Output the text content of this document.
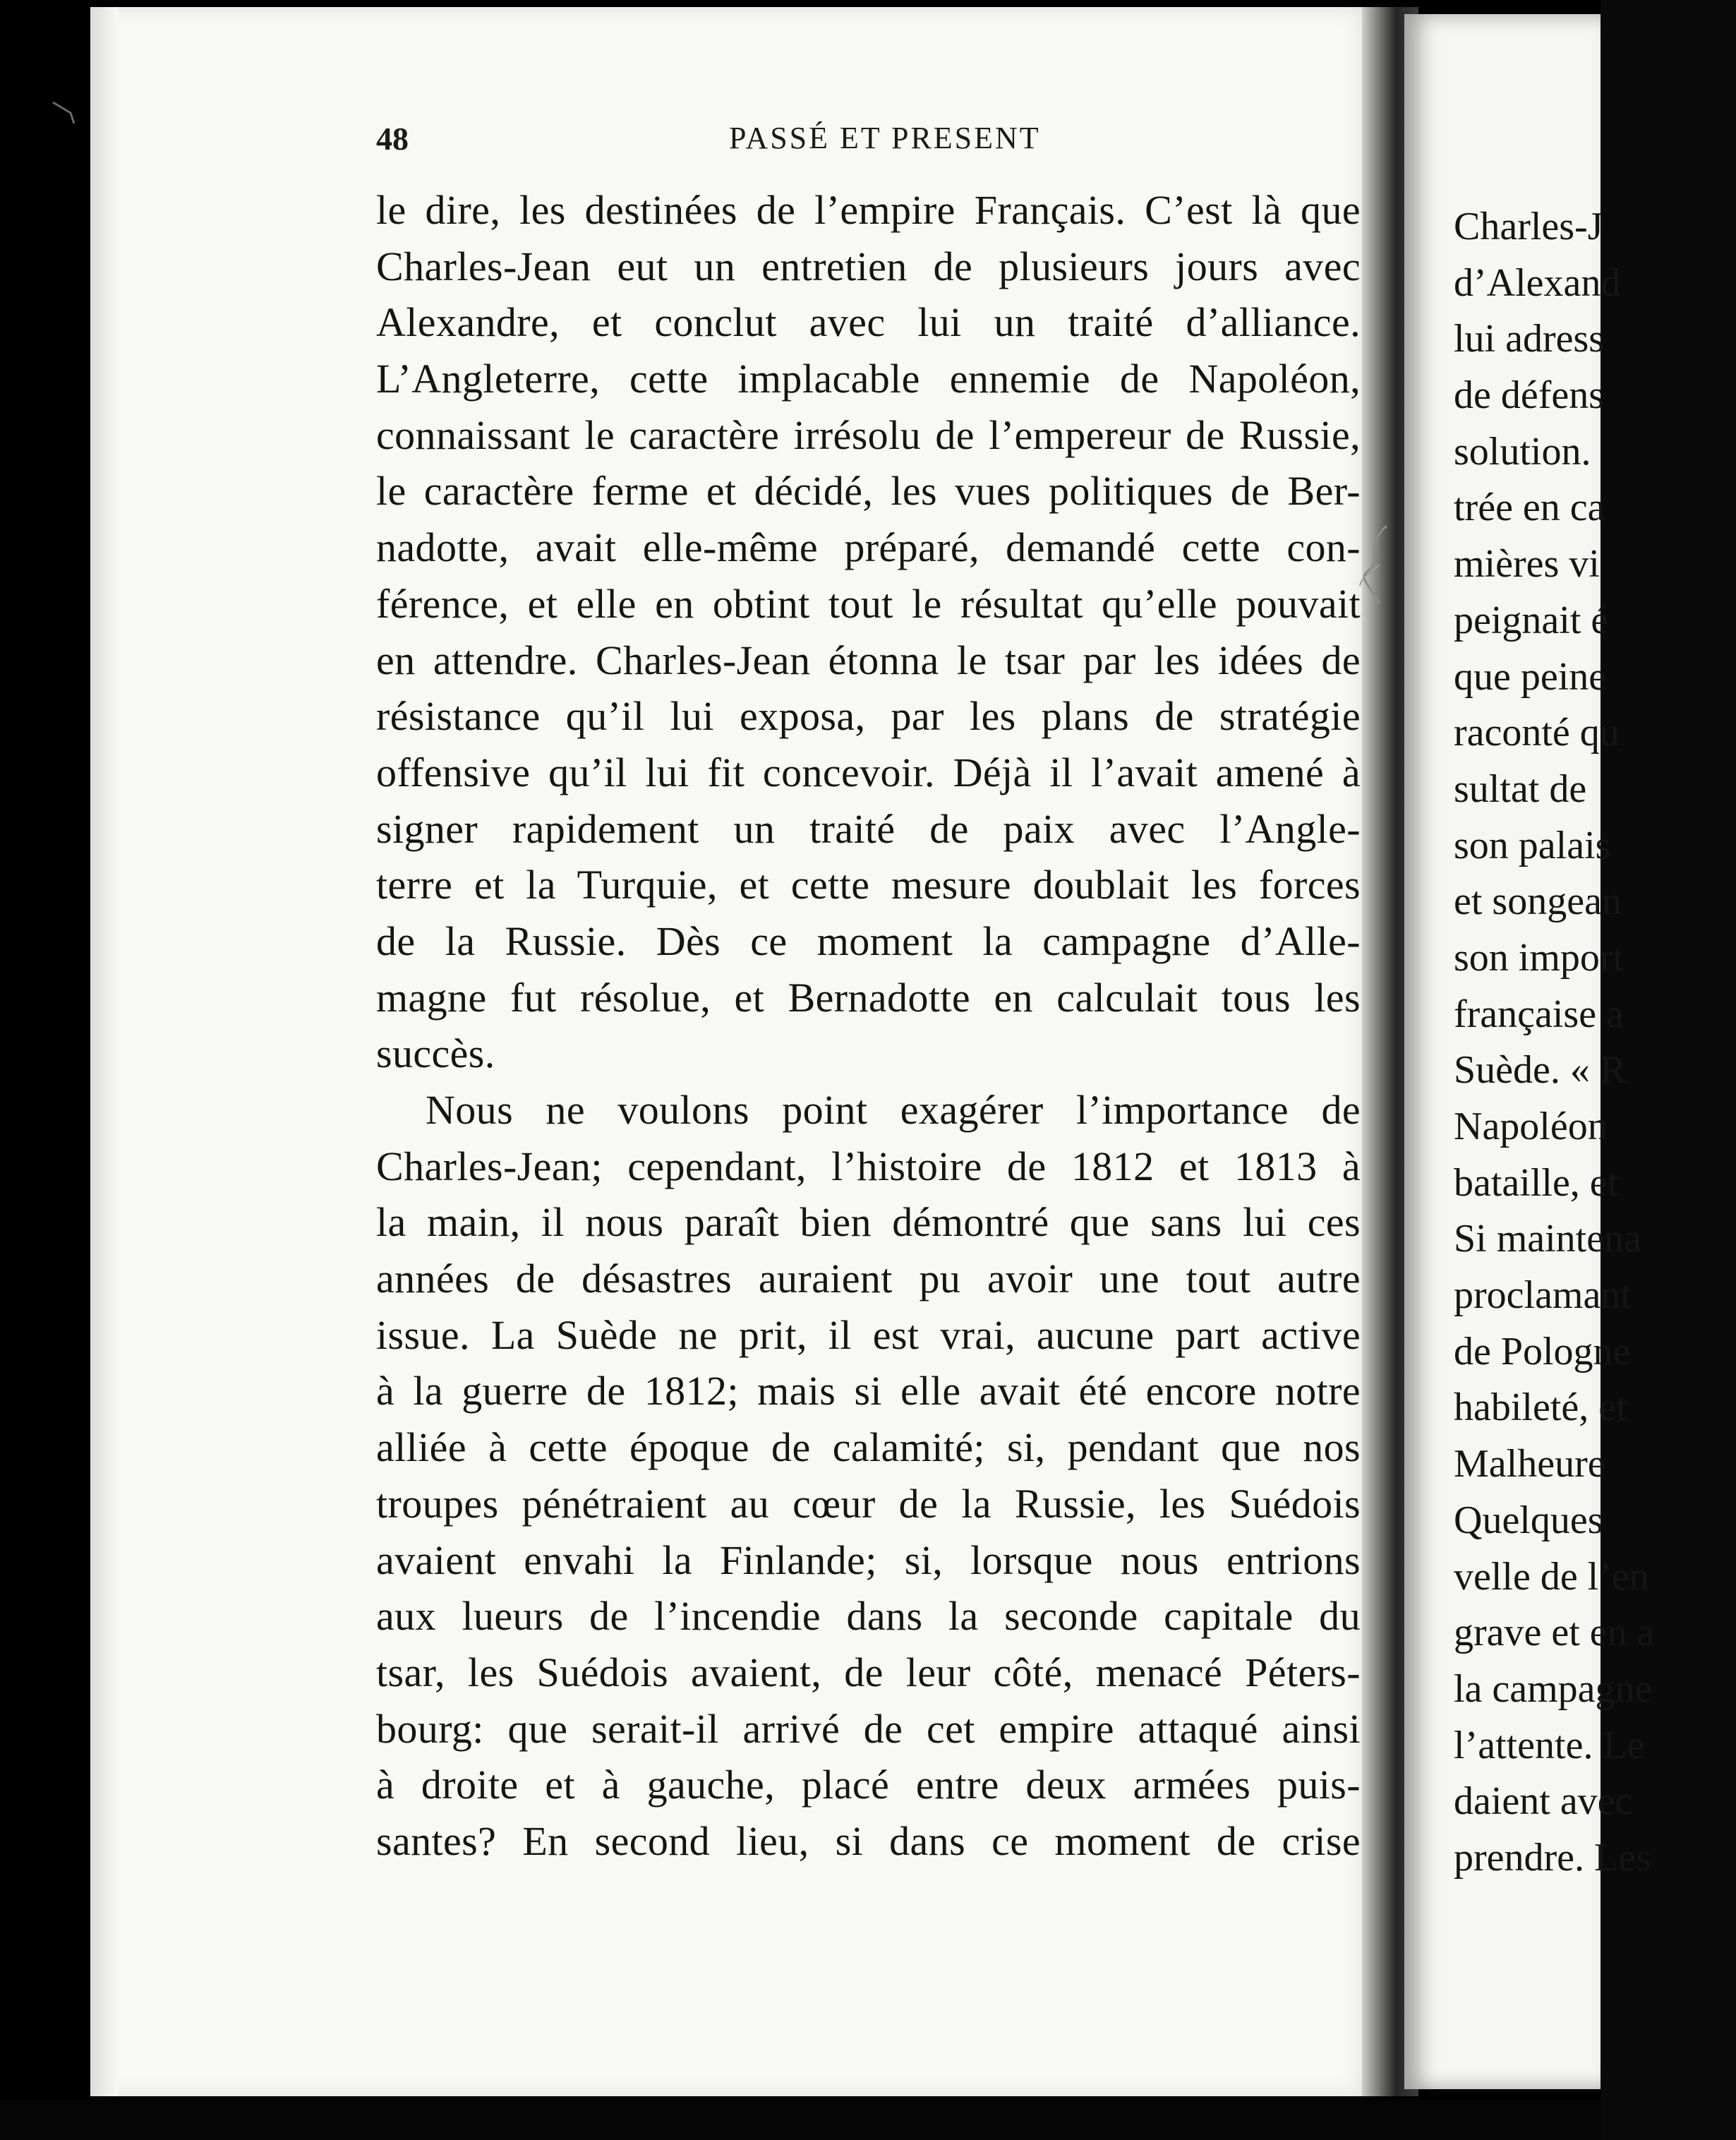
Charles-J
d’Alexand
lui adress
de défens
solution.
trée en ca
mières vi
peignait é
que peine
raconté qu
sultat de
son palais
et songean
son import
française a
Suède. « R
Napoléon
bataille, et
Si maintena
proclamant
de Pologne
habileté, et
Malheure
Quelques
velle de l’en
grave et en a
la campagne
l’attente. Le
daient avec
prendre. Les
48	PASSÉ ET PRESENT
le dire, les destinées de l’empire Français. C’est là que
Charles-Jean eut un entretien de plusieurs jours avec
Alexandre, et conclut avec lui un traité d’alliance.
L’Angleterre, cette implacable ennemie de Napoléon,
connaissant le caractère irrésolu de l’empereur de Russie,
le caractère ferme et décidé, les vues politiques de Ber-
nadotte, avait elle-même préparé, demandé cette con-
férence, et elle en obtint tout le résultat qu’elle pouvait
en attendre. Charles-Jean étonna le tsar par les idées de
résistance qu’il lui exposa, par les plans de stratégie
offensive qu’il lui fit concevoir. Déjà il l’avait amené à
signer rapidement un traité de paix avec l’Angle-
terre et la Turquie, et cette mesure doublait les forces
de la Russie. Dès ce moment la campagne d’Alle-
magne fut résolue, et Bernadotte en calculait tous les
succès.
Nous ne voulons point exagérer l’importance de
Charles-Jean; cependant, l’histoire de 1812 et 1813 à
la main, il nous paraît bien démontré que sans lui ces
années de désastres auraient pu avoir une tout autre
issue. La Suède ne prit, il est vrai, aucune part active
à la guerre de 1812; mais si elle avait été encore notre
alliée à cette époque de calamité; si, pendant que nos
troupes pénétraient au cœur de la Russie, les Suédois
avaient envahi la Finlande; si, lorsque nous entrions
aux lueurs de l’incendie dans la seconde capitale du
tsar, les Suédois avaient, de leur côté, menacé Péters-
bourg: que serait-il arrivé de cet empire attaqué ainsi
à droite et à gauche, placé entre deux armées puis-
santes? En second lieu, si dans ce moment de crise
